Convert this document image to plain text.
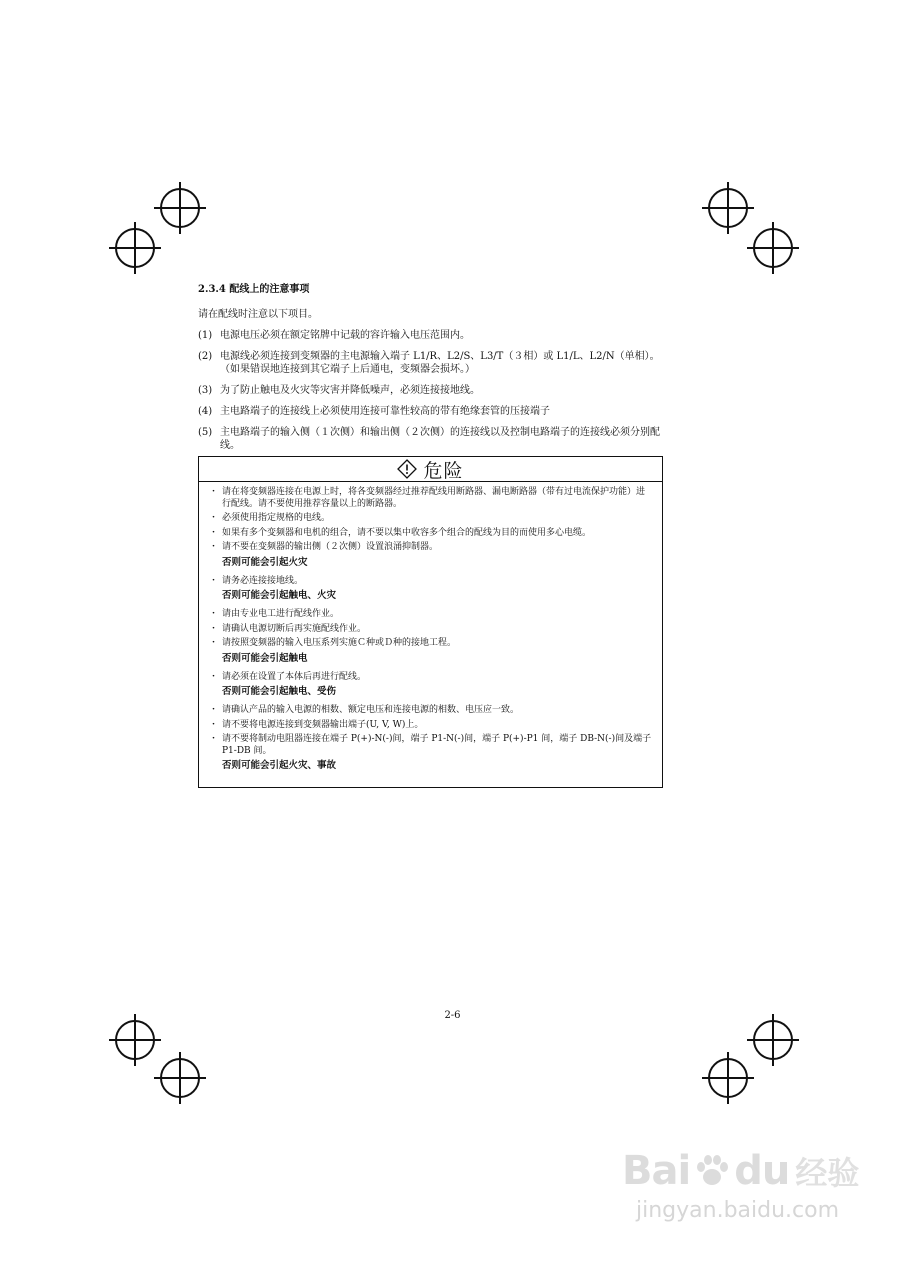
2.3.4 配线上的注意事项
请在配线时注意以下项目。
(1) 电源电压必须在额定铭牌中记载的容许输入电压范围内。
(2) 电源线必须连接到变频器的主电源输入端子 L1/R、L2/S、L3/T（３相）或 L1/L、L2/N（单相）。（如果错误地连接到其它端子上后通电，变频器会损坏。）
(3) 为了防止触电及火灾等灾害并降低噪声，必须连接接地线。
(4) 主电路端子的连接线上必须使用连接可靠性较高的带有绝缘套管的压接端子
(5) 主电路端子的输入侧（１次侧）和输出侧（２次侧）的连接线以及控制电路端子的连接线必须分别配线。
危险
・ 请在将变频器连接在电源上时，将各变频器经过推荐配线用断路器、漏电断路器（带有过电流保护功能）进行配线。请不要使用推荐容量以上的断路器。
・ 必须使用指定规格的电线。
・ 如果有多个变频器和电机的组合，请不要以集中收容多个组合的配线为目的而使用多心电缆。
・ 请不要在变频器的输出侧（２次侧）设置浪涌抑制器。
否则可能会引起火灾
・ 请务必连接接地线。
否则可能会引起触电、火灾
・ 请由专业电工进行配线作业。
・ 请确认电源切断后再实施配线作业。
・ 请按照变频器的输入电压系列实施Ｃ种或Ｄ种的接地工程。
否则可能会引起触电
・ 请必须在设置了本体后再进行配线。
否则可能会引起触电、受伤
・ 请确认产品的输入电源的相数、额定电压和连接电源的相数、电压应一致。
・ 请不要将电源连接到变频器输出端子(U, V, W)上。
・ 请不要将制动电阻器连接在端子 P(+)-N(-)间，端子 P1-N(-)间，端子 P(+)-P1 间，端子 DB-N(-)间及端子 P1-DB 间。
否则可能会引起火灾、事故
2-6
Bai du 经验
jingyan.baidu.com
